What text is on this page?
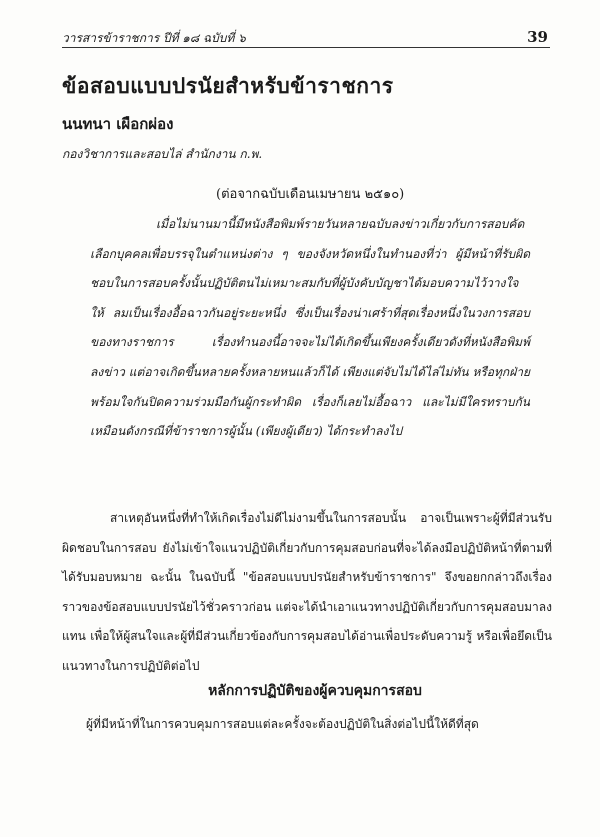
วารสารข้าราชการ ปีที่ ๑๘ ฉบับที่ ๖	39
ข้อสอบแบบปรนัยสำหรับข้าราชการ
นนทนา เผือกผ่อง
กองวิชาการและสอบไล่ สำนักงาน ก.พ.
(ต่อจากฉบับเดือนเมษายน ๒๕๑๐)

เมื่อไม่นานมานี้มีหนังสือพิมพ์รายวันหลายฉบับลงข่าวเกี่ยวกับการสอบคัดเลือกบุคคลเพื่อบรรจุในตำแหน่งต่าง ๆ ของจังหวัดหนึ่งในทำนองที่ว่า ผู้มีหน้าที่รับผิดชอบในการสอบครั้งนั้นปฏิบัติตนไม่เหมาะสมกับที่ผู้บังคับบัญชาได้มอบความไว้วางใจให้ ลมเป็นเรื่องอื้อฉาวกันอยู่ระยะหนึ่ง ซึ่งเป็นเรื่องน่าเศร้าที่สุดเรื่องหนึ่งในวงการสอบของทางราชการ เรื่องทำนองนี้อาจจะไม่ได้เกิดขึ้นเพียงครั้งเดียวดังที่หนังสือพิมพ์ลงข่าว แต่อาจเกิดขึ้นหลายครั้งหลายหนแล้วก็ได้ เพียงแต่จับไม่ได้ไล่ไม่ทัน หรือทุกฝ่ายพร้อมใจกันปิดความร่วมมือกันผู้กระทำผิด เรื่องก็เลยไม่อื้อฉาว และไม่มีใครทราบกันเหมือนดังกรณีที่ข้าราชการผู้นั้น (เพียงผู้เดียว) ได้กระทำลงไป

สาเหตุอันหนึ่งที่ทำให้เกิดเรื่องไม่ดีไม่งามขึ้นในการสอบนั้น อาจเป็นเพราะผู้ที่มีส่วนรับผิดชอบในการสอบ ยังไม่เข้าใจแนวปฏิบัติเกี่ยวกับการคุมสอบก่อนที่จะได้ลงมือปฏิบัติหน้าที่ตามที่ได้รับมอบหมาย ฉะนั้น ในฉบับนี้ "ข้อสอบแบบปรนัยสำหรับข้าราชการ" จึงขอยกกล่าวถึงเรื่องราวของข้อสอบแบบปรนัยไว้ชั่วคราวก่อน แต่จะได้นำเอาแนวทางปฏิบัติเกี่ยวกับการคุมสอบมาลงแทน เพื่อให้ผู้สนใจและผู้ที่มีส่วนเกี่ยวข้องกับการคุมสอบได้อ่านเพื่อประดับความรู้ หรือเพื่อยึดเป็นแนวทางในการปฏิบัติต่อไป

หลักการปฏิบัติของผู้ควบคุมการสอบ
ผู้ที่มีหน้าที่ในการควบคุมการสอบแต่ละครั้งจะต้องปฏิบัติในสิ่งต่อไปนี้ให้ดีที่สุด
